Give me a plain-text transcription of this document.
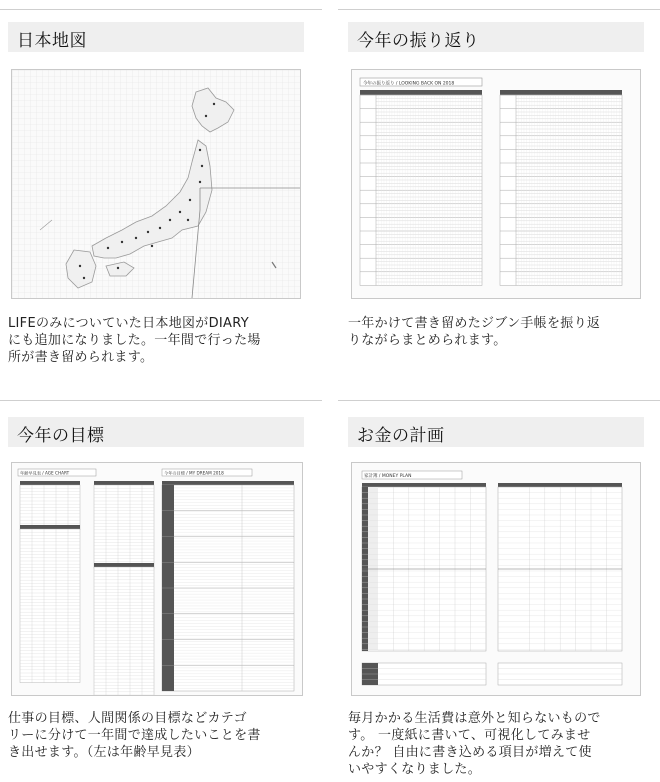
日本地図
LIFEのみについていた日本地図がDIARY
にも追加になりました。一年間で行った場
所が書き留められます。
今年の振り返り
今年の振り返り / LOOKING BACK ON 2018
一年かけて書き留めたジブン手帳を振り返
りながらまとめられます。
今年の目標
年齢早見表 / AGE CHART	今年の目標 / MY DREAM 2018
仕事の目標、人間関係の目標などカテゴ
リーに分けて一年間で達成したいことを書
き出せます。（左は年齢早見表）
お金の計画
家計簿 / MONEY PLAN
毎月かかる生活費は意外と知らないもので
す。 一度紙に書いて、可視化してみませ
んか？ 自由に書き込める項目が増えて使
いやすくなりました。
